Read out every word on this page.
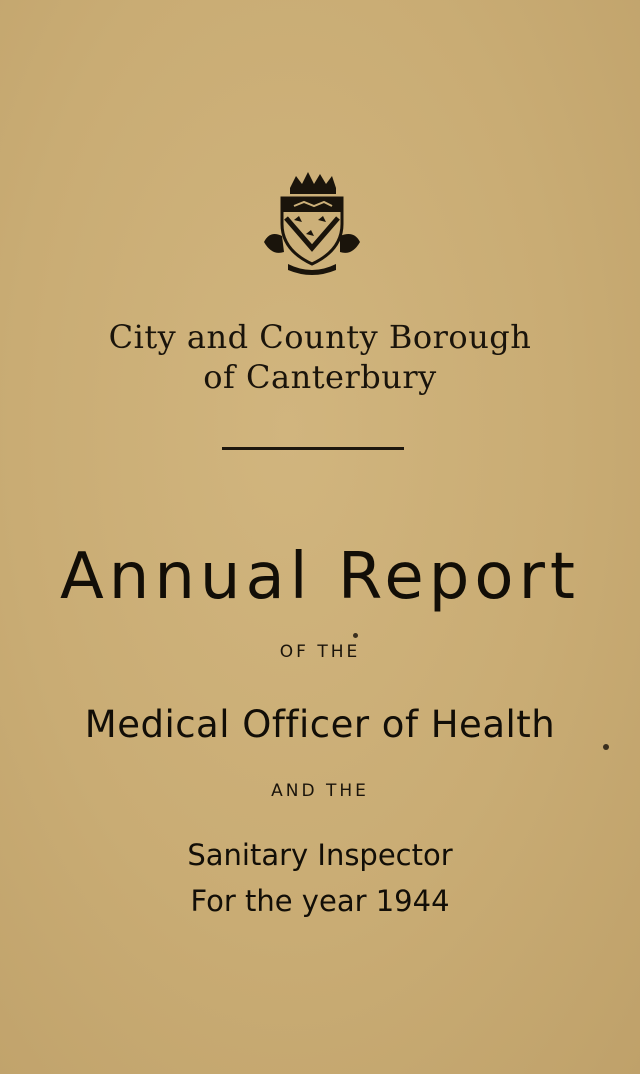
City and County Borough
of Canterbury
Annual Report
OF THE
Medical Officer of Health
AND THE
Sanitary Inspector
For the year 1944
